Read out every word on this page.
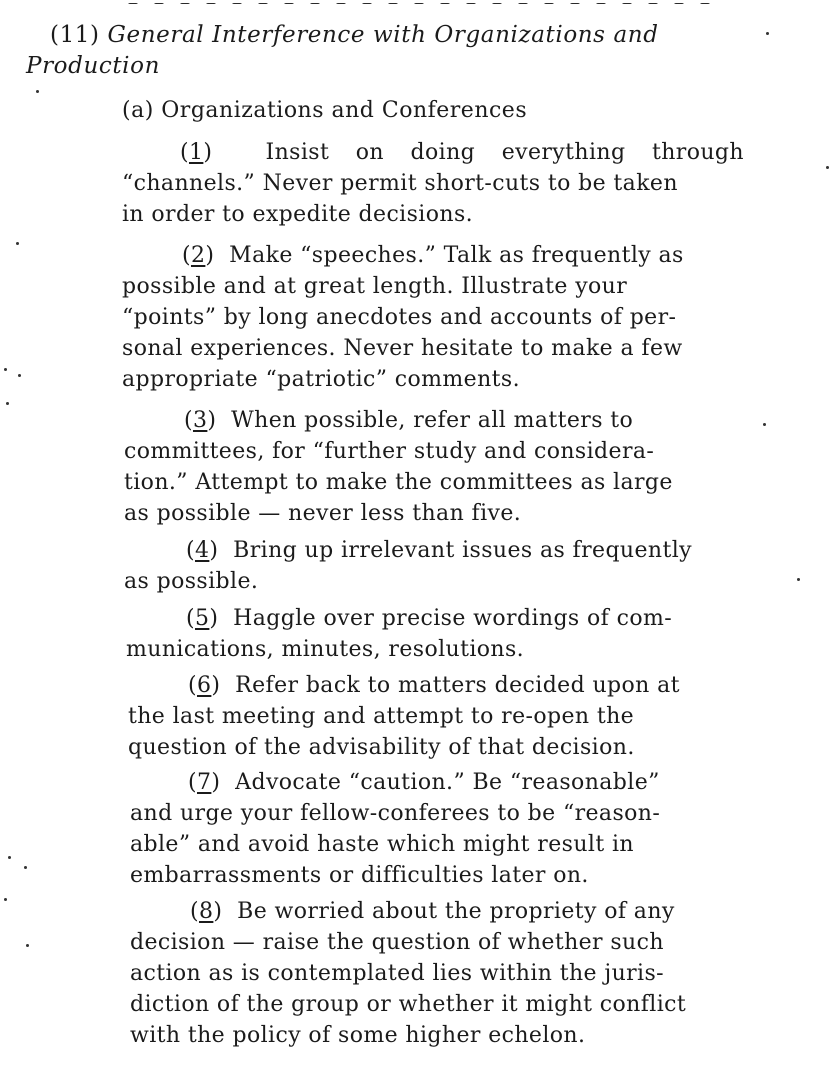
(11) General Interference with Organizations and
Production
(a) Organizations and Conferences
(1)  Insist on doing everything through
“channels.” Never permit short-cuts to be taken
in order to expedite decisions.
(2)  Make “speeches.” Talk as frequently as
possible and at great length. Illustrate your
“points” by long anecdotes and accounts of per-
sonal experiences. Never hesitate to make a few
appropriate “patriotic” comments.
(3)  When possible, refer all matters to
committees, for “further study and considera-
tion.” Attempt to make the committees as large
as possible — never less than five.
(4)  Bring up irrelevant issues as frequently
as possible.
(5)  Haggle over precise wordings of com-
munications, minutes, resolutions.
(6)  Refer back to matters decided upon at
the last meeting and attempt to re-open the
question of the advisability of that decision.
(7)  Advocate “caution.” Be “reasonable”
and urge your fellow-conferees to be “reason-
able” and avoid haste which might result in
embarrassments or difficulties later on.
(8)  Be worried about the propriety of any
decision — raise the question of whether such
action as is contemplated lies within the juris-
diction of the group or whether it might conflict
with the policy of some higher echelon.
